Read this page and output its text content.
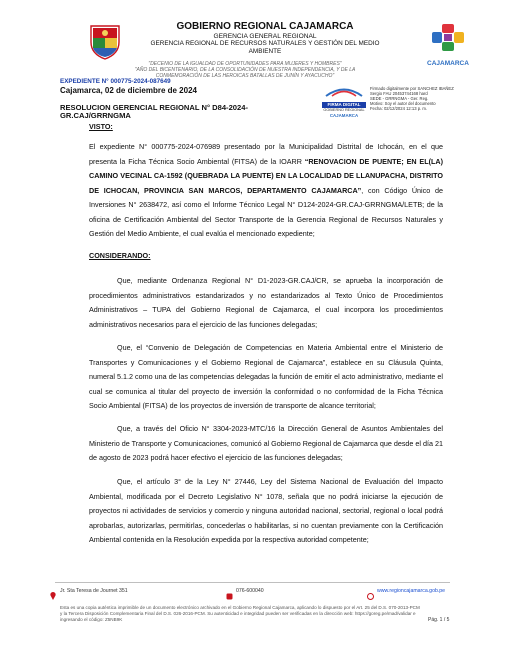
GOBIERNO REGIONAL CAJAMARCA
GERENCIA GENERAL REGIONAL
GERENCIA REGIONAL DE RECURSOS NATURALES Y GESTIÓN DEL MEDIO AMBIENTE
CAJAMARCA
"DECENIO DE LA IGUALDAD DE OPORTUNIDADES PARA MUJERES Y HOMBRES"
"AÑO DEL BICENTENARIO, DE LA CONSOLIDACIÓN DE NUESTRA INDEPENDENCIA, Y DE LA
CONMEMORACIÓN DE LAS HEROICAS BATALLAS DE JUNÍN Y AYACUCHO"
EXPEDIENTE N° 000775-2024-087649
Cajamarca, 02 de diciembre de 2024
RESOLUCION GERENCIAL REGIONAL N° D84-2024-
GR.CAJ/GRRNGMA
FIRMA DIGITAL
GOBIERNO REGIONAL
CAJAMARCA
Firmado digitalmente por SANCHEZ IBAÑEZ
Sergio FAU 20453744168 hard
SEDE - GRRNGMA - Ger. Reg.
Motivo: Soy el autor del documento
Fecha: 02/12/2024 12:13 p. m.
VISTO:
El expediente N° 000775-2024-076989 presentado por la Municipalidad Distrital de Ichocán, en el que presenta la Ficha Técnica Socio Ambiental (FITSA) de la IOARR “RENOVACION DE PUENTE; EN EL(LA) CAMINO VECINAL CA-1592 (QUEBRADA LA PUENTE) EN LA LOCALIDAD DE LLANUPACHA, DISTRITO DE ICHOCAN, PROVINCIA SAN MARCOS, DEPARTAMENTO CAJAMARCA”, con Código Único de Inversiones N° 2638472, así como el Informe Técnico Legal N° D124-2024-GR.CAJ-GRRNGMA/LETB; de la oficina de Certificación Ambiental del Sector Transporte de la Gerencia Regional de Recursos Naturales y Gestión del Medio Ambiente, el cual evalúa el mencionado expediente;
CONSIDERANDO:
Que, mediante Ordenanza Regional N° D1-2023-GR.CAJ/CR, se aprueba la incorporación de procedimientos administrativos estandarizados y no estandarizados al Texto Único de Procedimientos Administrativos – TUPA del Gobierno Regional de Cajamarca, el cual incorpora los procedimientos administrativos necesarios para el ejercicio de las funciones delegadas;
Que, el “Convenio de Delegación de Competencias en Materia Ambiental entre el Ministerio de Transportes y Comunicaciones y el Gobierno Regional de Cajamarca”, establece en su Cláusula Quinta, numeral 5.1.2 como una de las competencias delegadas la función de emitir el acto administrativo, mediante el cual se comunica al titular del proyecto de inversión la conformidad o no conformidad de la Ficha Técnica Socio Ambiental (FITSA) de los proyectos de inversión de transporte de alcance territorial;
Que, a través del Oficio N° 3304-2023-MTC/16 la Dirección General de Asuntos Ambientales del Ministerio de Transporte y Comunicaciones, comunicó al Gobierno Regional de Cajamarca que desde el día 21 de agosto de 2023 podrá hacer efectivo el ejercicio de las funciones delegadas;
Que, el artículo 3° de la Ley N° 27446, Ley del Sistema Nacional de Evaluación del Impacto Ambiental, modificada por el Decreto Legislativo N° 1078, señala que no podrá iniciarse la ejecución de proyectos ni actividades de servicios y comercio y ninguna autoridad nacional, sectorial, regional o local podrá aprobarlas, autorizarlas, permitirlas, concederlas o habilitarlas, si no cuentan previamente con la Certificación Ambiental contenida en la Resolución expedida por la respectiva autoridad competente;
Jr. Sta Teresa de Journet 351	076-600040	www.regioncajamarca.gob.pe
Esta es una copia auténtica imprimible de un documento electrónico archivado en el Gobierno Regional Cajamarca, aplicando lo dispuesto por el Art. 25 del D.S. 070-2013-PCM y la Tercera Disposición Complementaria Final del D.S. 026-2016-PCM. Su autenticidad e integridad pueden ser verificadas en la dirección web: https://goreg.pe/mad/validar e ingresando el código: Z5NB9K	Pág. 1 / 5
